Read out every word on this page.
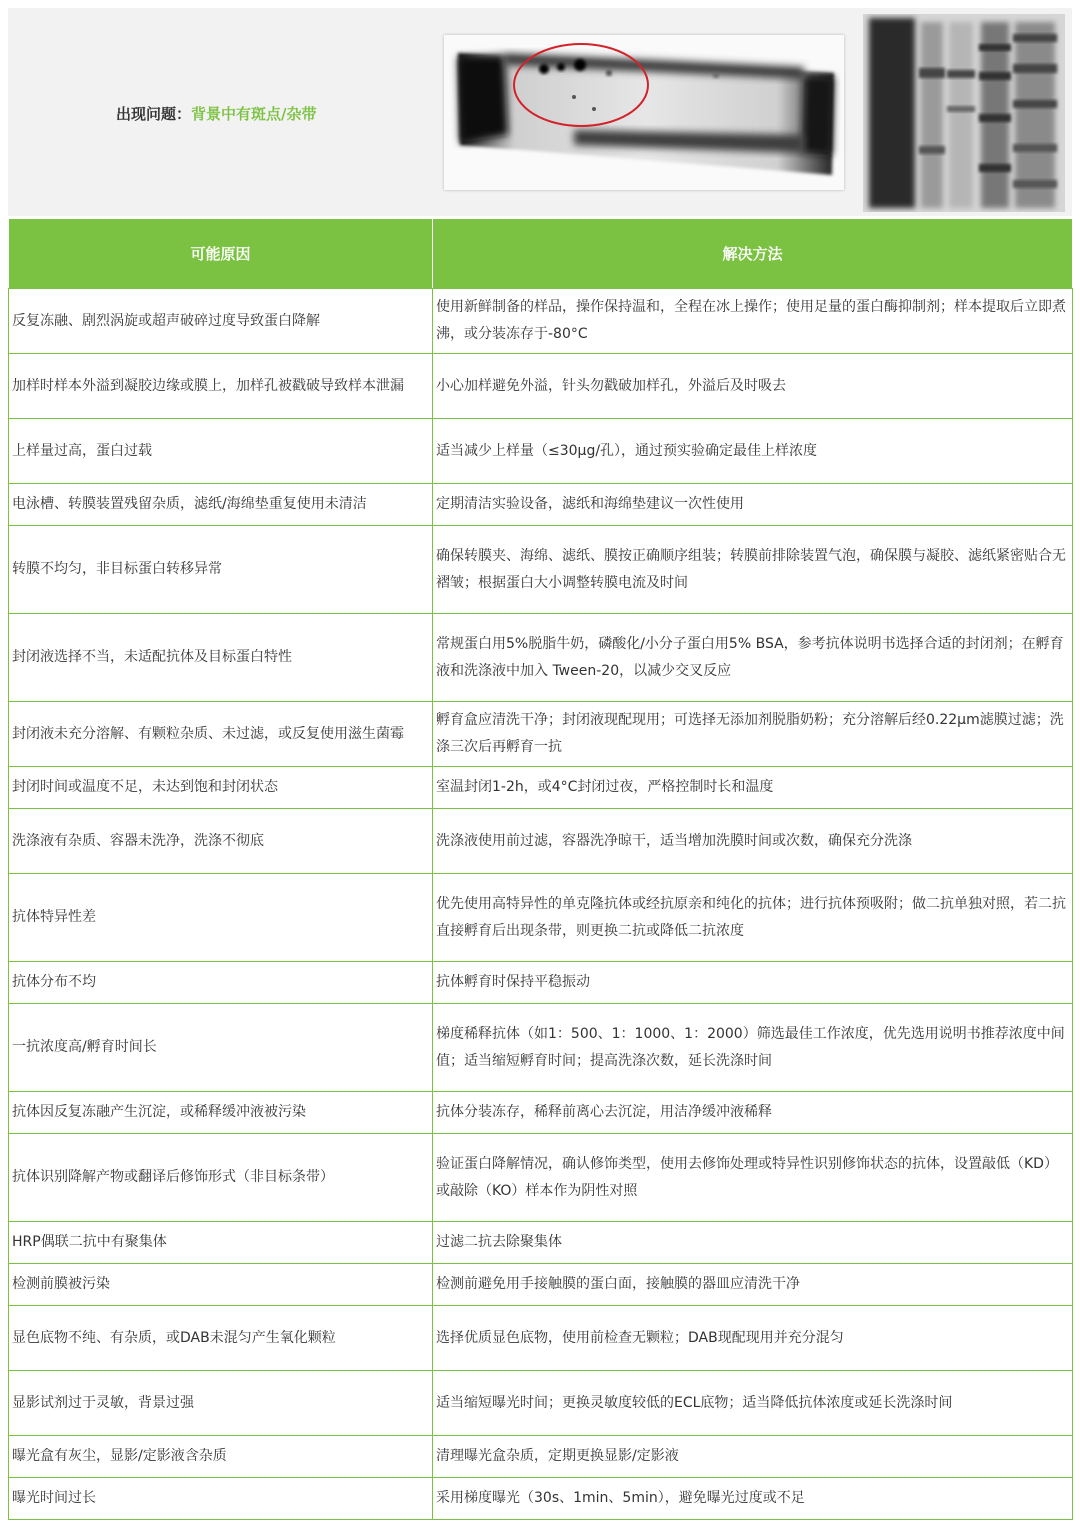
出现问题：背景中有斑点/杂带
可能原因	解决方法
反复冻融、剧烈涡旋或超声破碎过度导致蛋白降解	使用新鲜制备的样品，操作保持温和，全程在冰上操作；使用足量的蛋白酶抑制剂；样本提取后立即煮沸，或分装冻存于-80°C
加样时样本外溢到凝胶边缘或膜上，加样孔被戳破导致样本泄漏	小心加样避免外溢，针头勿戳破加样孔，外溢后及时吸去
上样量过高，蛋白过载	适当减少上样量（≤30μg/孔），通过预实验确定最佳上样浓度
电泳槽、转膜装置残留杂质，滤纸/海绵垫重复使用未清洁	定期清洁实验设备，滤纸和海绵垫建议一次性使用
转膜不均匀，非目标蛋白转移异常	确保转膜夹、海绵、滤纸、膜按正确顺序组装；转膜前排除装置气泡，确保膜与凝胶、滤纸紧密贴合无褶皱；根据蛋白大小调整转膜电流及时间
封闭液选择不当，未适配抗体及目标蛋白特性	常规蛋白用5%脱脂牛奶，磷酸化/小分子蛋白用5% BSA，参考抗体说明书选择合适的封闭剂；在孵育液和洗涤液中加入 Tween-20，以减少交叉反应
封闭液未充分溶解、有颗粒杂质、未过滤，或反复使用滋生菌霉	孵育盒应清洗干净；封闭液现配现用；可选择无添加剂脱脂奶粉；充分溶解后经0.22μm滤膜过滤；洗涤三次后再孵育一抗
封闭时间或温度不足，未达到饱和封闭状态	室温封闭1-2h，或4°C封闭过夜，严格控制时长和温度
洗涤液有杂质、容器未洗净，洗涤不彻底	洗涤液使用前过滤，容器洗净晾干，适当增加洗膜时间或次数，确保充分洗涤
抗体特异性差	优先使用高特异性的单克隆抗体或经抗原亲和纯化的抗体；进行抗体预吸附；做二抗单独对照，若二抗直接孵育后出现条带，则更换二抗或降低二抗浓度
抗体分布不均	抗体孵育时保持平稳振动
一抗浓度高/孵育时间长	梯度稀释抗体（如1：500、1：1000、1：2000）筛选最佳工作浓度，优先选用说明书推荐浓度中间值；适当缩短孵育时间；提高洗涤次数，延长洗涤时间
抗体因反复冻融产生沉淀，或稀释缓冲液被污染	抗体分装冻存，稀释前离心去沉淀，用洁净缓冲液稀释
抗体识别降解产物或翻译后修饰形式（非目标条带）	验证蛋白降解情况，确认修饰类型，使用去修饰处理或特异性识别修饰状态的抗体，设置敲低（KD）或敲除（KO）样本作为阴性对照
HRP偶联二抗中有聚集体	过滤二抗去除聚集体
检测前膜被污染	检测前避免用手接触膜的蛋白面，接触膜的器皿应清洗干净
显色底物不纯、有杂质，或DAB未混匀产生氧化颗粒	选择优质显色底物，使用前检查无颗粒；DAB现配现用并充分混匀
显影试剂过于灵敏，背景过强	适当缩短曝光时间；更换灵敏度较低的ECL底物；适当降低抗体浓度或延长洗涤时间
曝光盒有灰尘，显影/定影液含杂质	清理曝光盒杂质，定期更换显影/定影液
曝光时间过长	采用梯度曝光（30s、1min、5min），避免曝光过度或不足
